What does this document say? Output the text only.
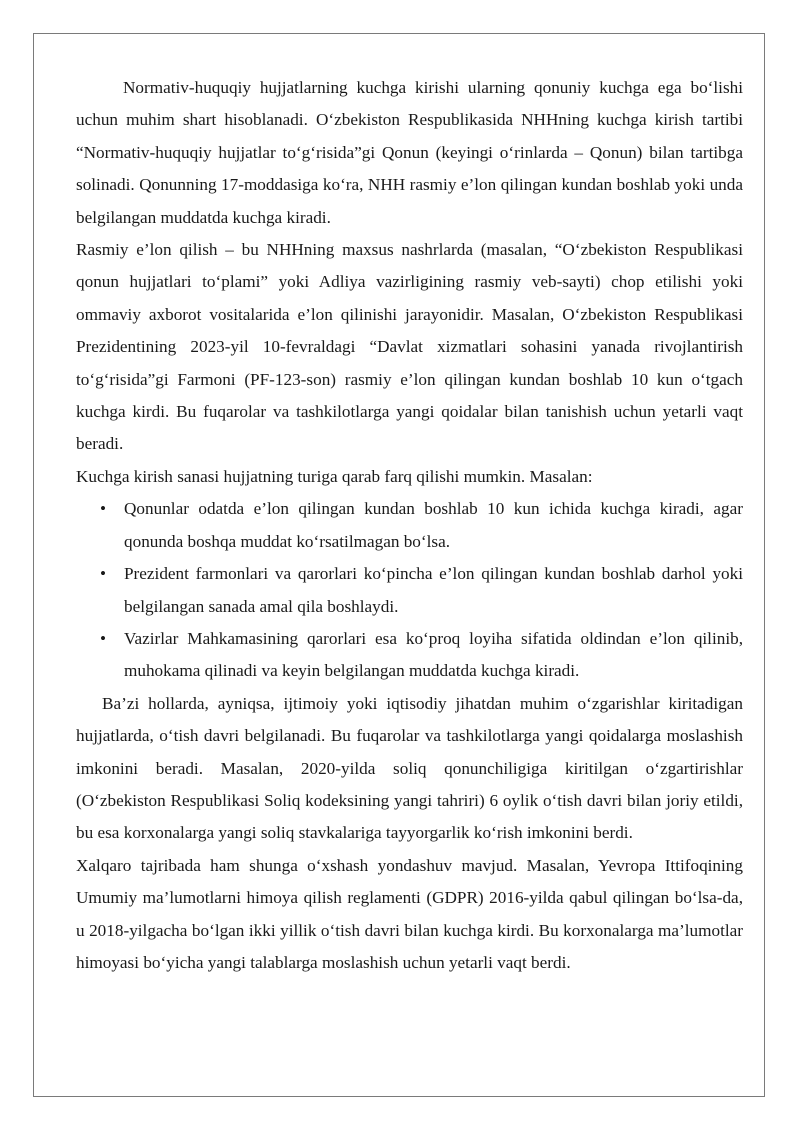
Normativ-huquqiy hujjatlarning kuchga kirishi ularning qonuniy kuchga ega bo‘lishi uchun muhim shart hisoblanadi. O‘zbekiston Respublikasida NHHning kuchga kirish tartibi “Normativ-huquqiy hujjatlar to‘g‘risida”gi Qonun (keyingi o‘rinlarda – Qonun) bilan tartibga solinadi. Qonunning 17-moddasiga ko‘ra, NHH rasmiy e’lon qilingan kundan boshlab yoki unda belgilangan muddatda kuchga kiradi.

Rasmiy e’lon qilish – bu NHHning maxsus nashrlarda (masalan, “O‘zbekiston Respublikasi qonun hujjatlari to‘plami” yoki Adliya vazirligining rasmiy veb-sayti) chop etilishi yoki ommaviy axborot vositalarida e’lon qilinishi jarayonidir. Masalan, O‘zbekiston Respublikasi Prezidentining 2023-yil 10-fevraldagi “Davlat xizmatlari sohasini yanada rivojlantirish to‘g‘risida”gi Farmoni (PF-123-son) rasmiy e’lon qilingan kundan boshlab 10 kun o‘tgach kuchga kirdi. Bu fuqarolar va tashkilotlarga yangi qoidalar bilan tanishish uchun yetarli vaqt beradi.

Kuchga kirish sanasi hujjatning turiga qarab farq qilishi mumkin. Masalan:

• Qonunlar odatda e’lon qilingan kundan boshlab 10 kun ichida kuchga kiradi, agar qonunda boshqa muddat ko‘rsatilmagan bo‘lsa.
• Prezident farmonlari va qarorlari ko‘pincha e’lon qilingan kundan boshlab darhol yoki belgilangan sanada amal qila boshlaydi.
• Vazirlar Mahkamasining qarorlari esa ko‘proq loyiha sifatida oldindan e’lon qilinib, muhokama qilinadi va keyin belgilangan muddatda kuchga kiradi.

Ba’zi hollarda, ayniqsa, ijtimoiy yoki iqtisodiy jihatdan muhim o‘zgarishlar kiritadigan hujjatlarda, o‘tish davri belgilanadi. Bu fuqarolar va tashkilotlarga yangi qoidalarga moslashish imkonini beradi. Masalan, 2020-yilda soliq qonunchiligiga kiritilgan o‘zgartirishlar (O‘zbekiston Respublikasi Soliq kodeksining yangi tahriri) 6 oylik o‘tish davri bilan joriy etildi, bu esa korxonalarga yangi soliq stavkalariga tayyorgarlik ko‘rish imkonini berdi.

Xalqaro tajribada ham shunga o‘xshash yondashuv mavjud. Masalan, Yevropa Ittifoqining Umumiy ma’lumotlarni himoya qilish reglamenti (GDPR) 2016-yilda qabul qilingan bo‘lsa-da, u 2018-yilgacha bo‘lgan ikki yillik o‘tish davri bilan kuchga kirdi. Bu korxonalarga ma’lumotlar himoyasi bo‘yicha yangi talablarga moslashish uchun yetarli vaqt berdi.
